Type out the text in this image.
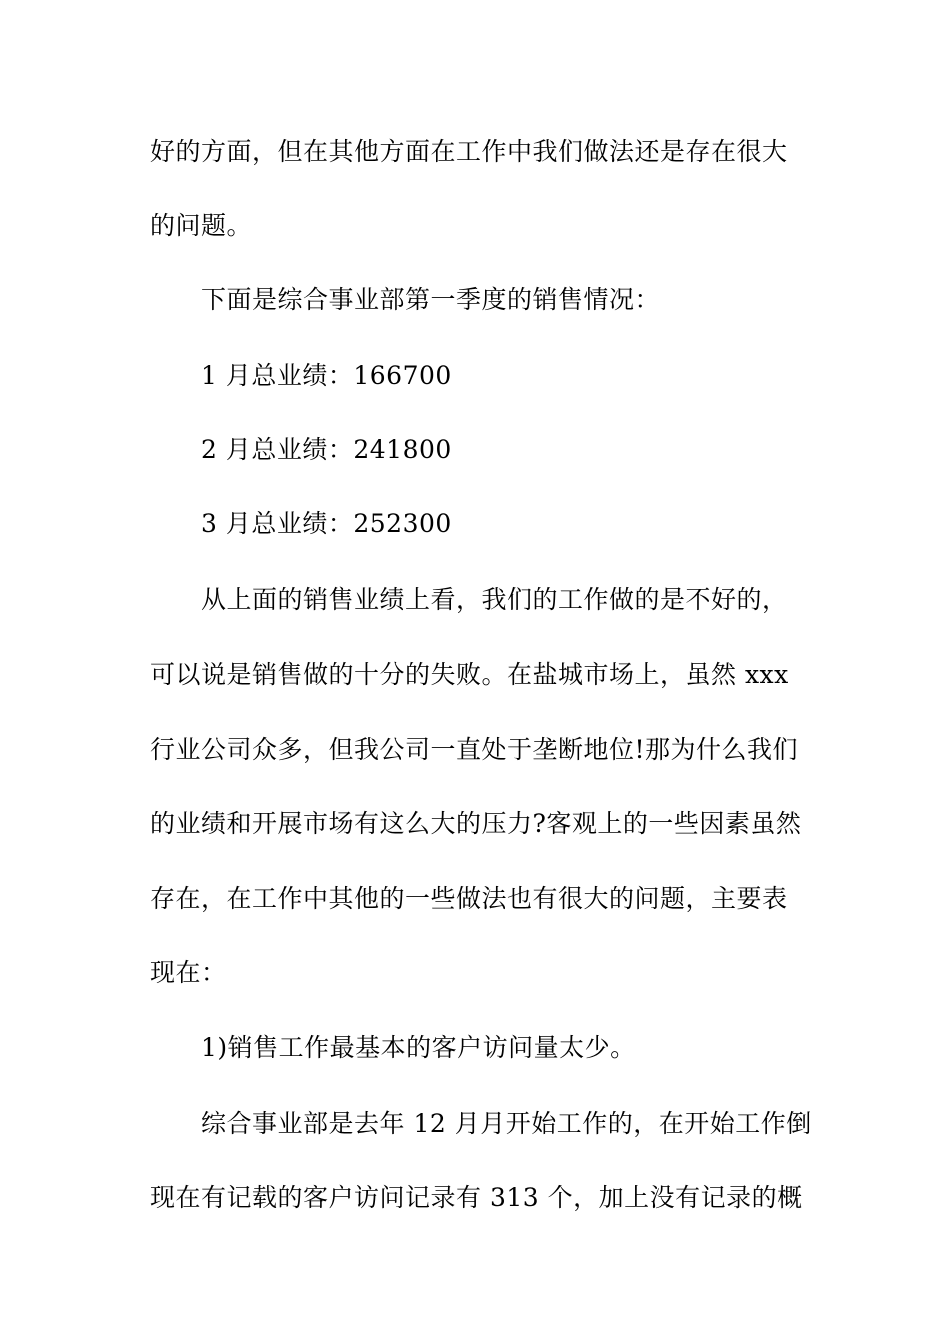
好的方面，但在其他方面在工作中我们做法还是存在很大
的问题。
下面是综合事业部第一季度的销售情况：
1 月总业绩：166700
2 月总业绩：241800
3 月总业绩：252300
从上面的销售业绩上看，我们的工作做的是不好的，
可以说是销售做的十分的失败。在盐城市场上，虽然 xxx
行业公司众多，但我公司一直处于垄断地位!那为什么我们
的业绩和开展市场有这么大的压力?客观上的一些因素虽然
存在，在工作中其他的一些做法也有很大的问题，主要表
现在：
1)销售工作最基本的客户访问量太少。
综合事业部是去年 12 月月开始工作的，在开始工作倒
现在有记载的客户访问记录有 313 个，加上没有记录的概
